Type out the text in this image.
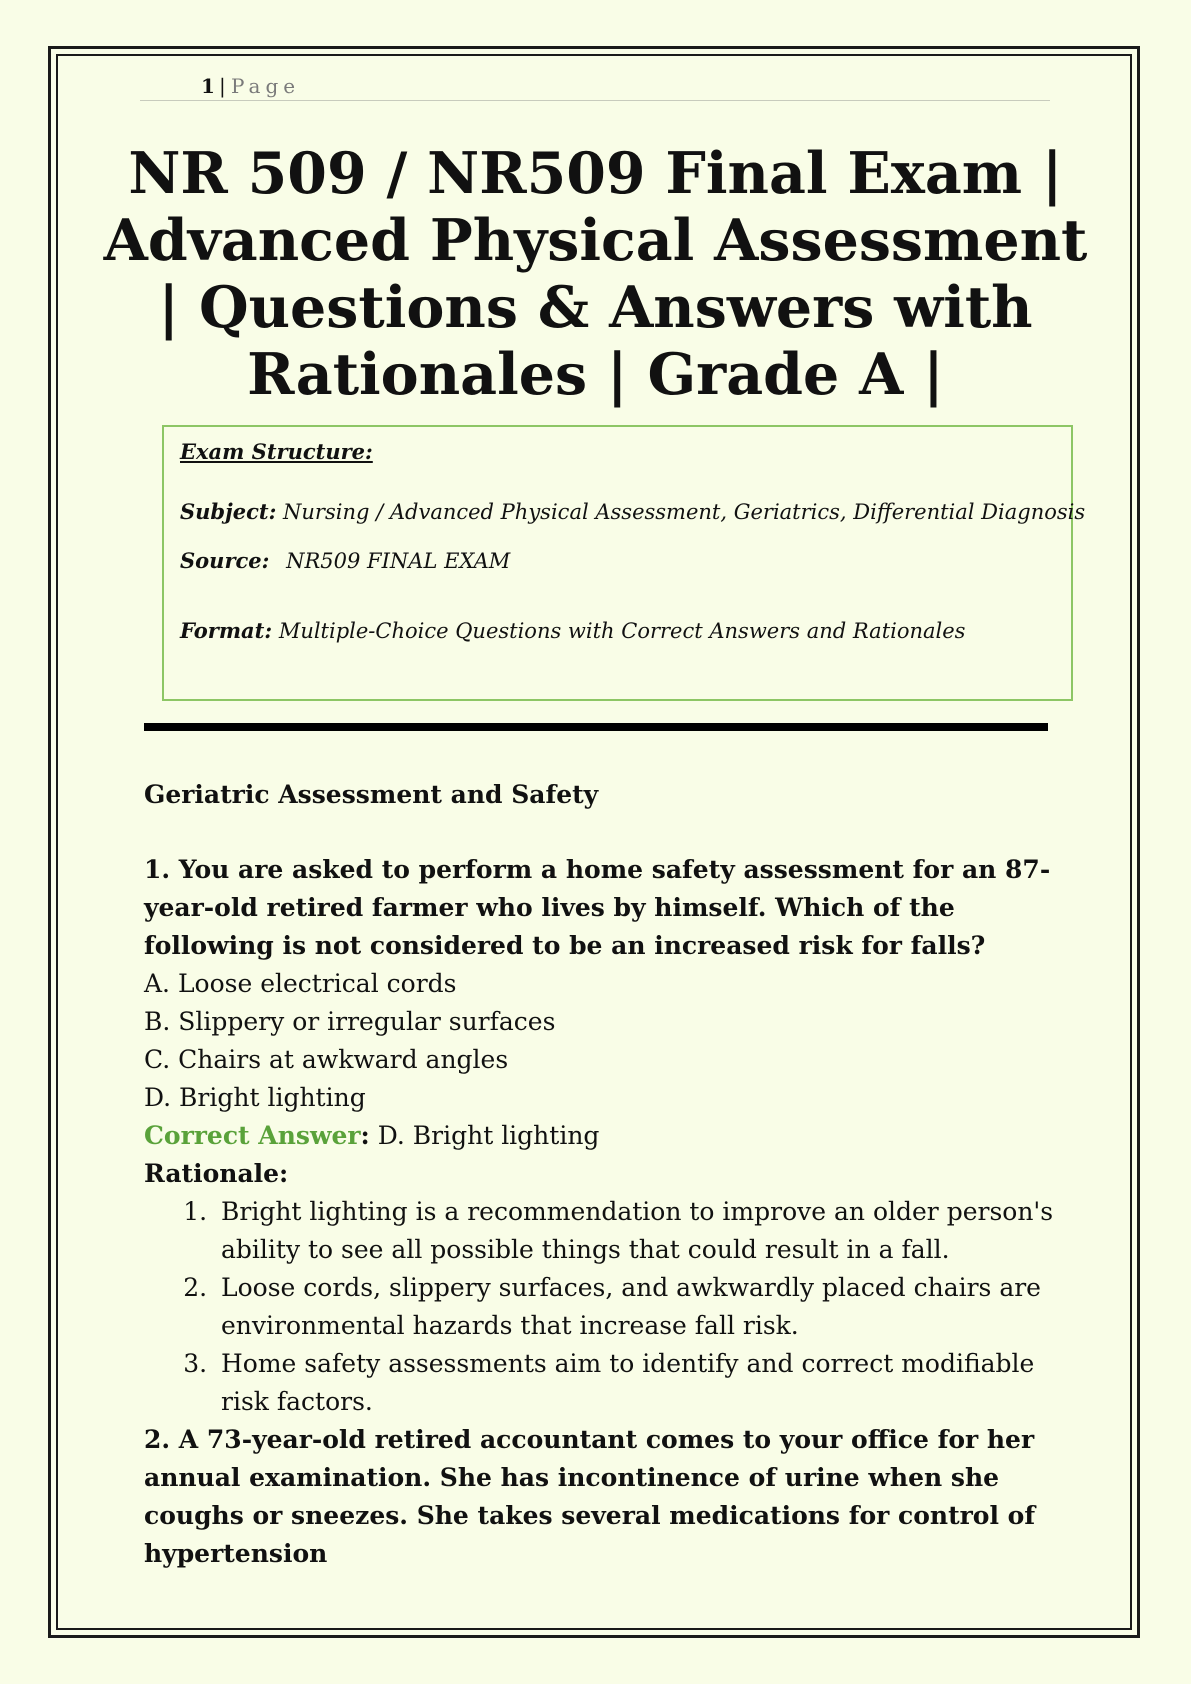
1 | Page
NR 509 / NR509 Final Exam | Advanced Physical Assessment | Questions & Answers with Rationales | Grade A |
Exam Structure:
Subject: Nursing / Advanced Physical Assessment, Geriatrics, Differential Diagnosis
Source: NR509 FINAL EXAM
Format: Multiple-Choice Questions with Correct Answers and Rationales

Geriatric Assessment and Safety

1. You are asked to perform a home safety assessment for an 87-year-old retired farmer who lives by himself. Which of the following is not considered to be an increased risk for falls?

A. Loose electrical cords

B. Slippery or irregular surfaces

C. Chairs at awkward angles

D. Bright lighting

Correct Answer: D. Bright lighting

Rationale:

1. Bright lighting is a recommendation to improve an older person's ability to see all possible things that could result in a fall.
2. Loose cords, slippery surfaces, and awkwardly placed chairs are environmental hazards that increase fall risk.
3. Home safety assessments aim to identify and correct modifiable risk factors.

2. A 73-year-old retired accountant comes to your office for her annual examination. She has incontinence of urine when she coughs or sneezes. She takes several medications for control of hypertension
